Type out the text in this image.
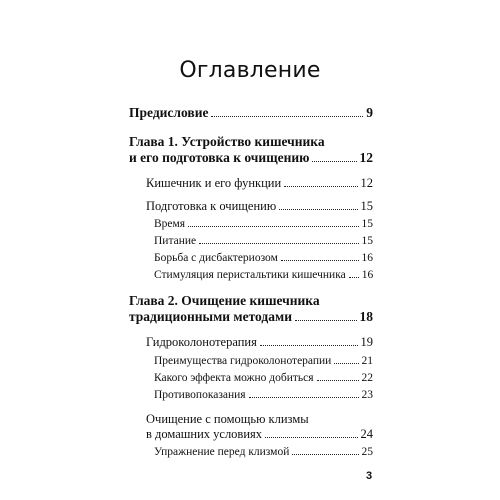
Оглавление
Предисловие	9
Глава 1. Устройство кишечника
и его подготовка к очищению	12
Кишечник и его функции	12
Подготовка к очищению	15
Время	15
Питание	15
Борьба с дисбактериозом	16
Стимуляция перистальтики кишечника 16
Глава 2. Очищение кишечника
традиционными методами	18
Гидроколонотерапия	19
Преимущества гидроколонотерапии	21
Какого эффекта можно добиться	22
Противопоказания	23
Очищение с помощью клизмы
в домашних условиях	24
Упражнение перед клизмой	25
3
